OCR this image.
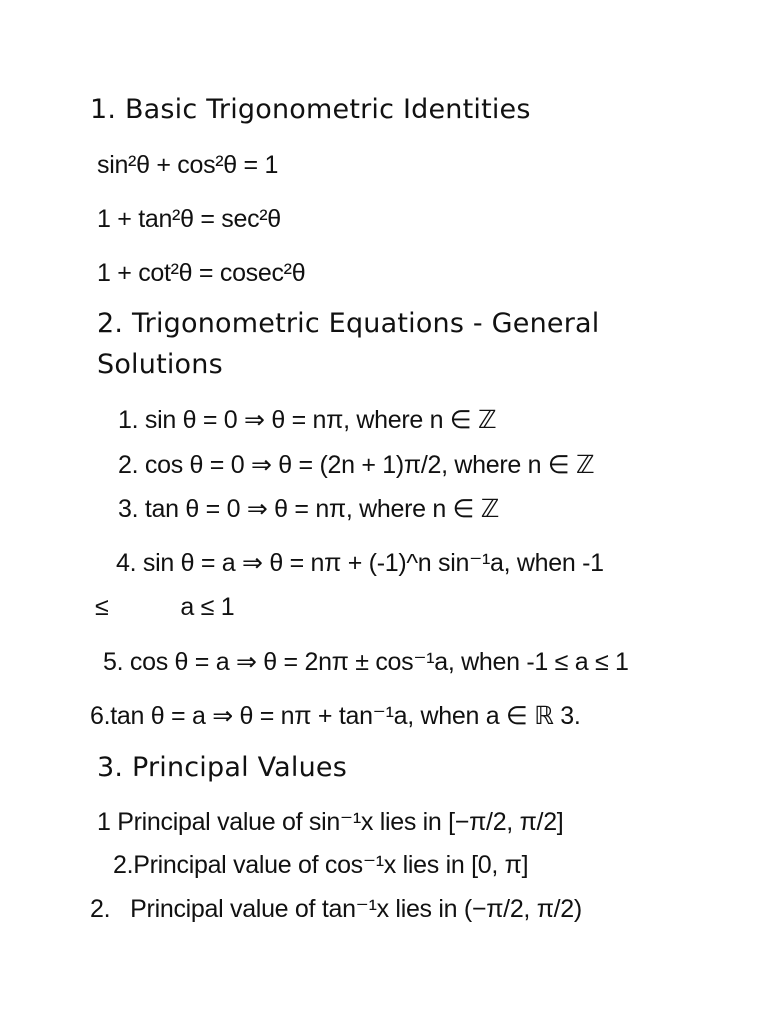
1. Basic Trigonometric Identities
sin²θ + cos²θ = 1
1 + tan²θ = sec²θ
1 + cot²θ = cosec²θ
2. Trigonometric Equations - General
Solutions
1. sin θ = 0 ⇒ θ = nπ, where n ∈ ℤ
2. cos θ = 0 ⇒ θ = (2n + 1)π/2, where n ∈ ℤ
3. tan θ = 0 ⇒ θ = nπ, where n ∈ ℤ
4. sin θ = a ⇒ θ = nπ + (-1)^n sin⁻¹a, when -1
≤	a ≤ 1
5. cos θ = a ⇒ θ = 2nπ ± cos⁻¹a, when -1 ≤ a ≤ 1
6.tan θ = a ⇒ θ = nπ + tan⁻¹a, when a ∈ ℝ 3.
3. Principal Values
1 Principal value of sin⁻¹x lies in [−π/2, π/2]
2.Principal value of cos⁻¹x lies in [0, π]
2.   Principal value of tan⁻¹x lies in (−π/2, π/2)
